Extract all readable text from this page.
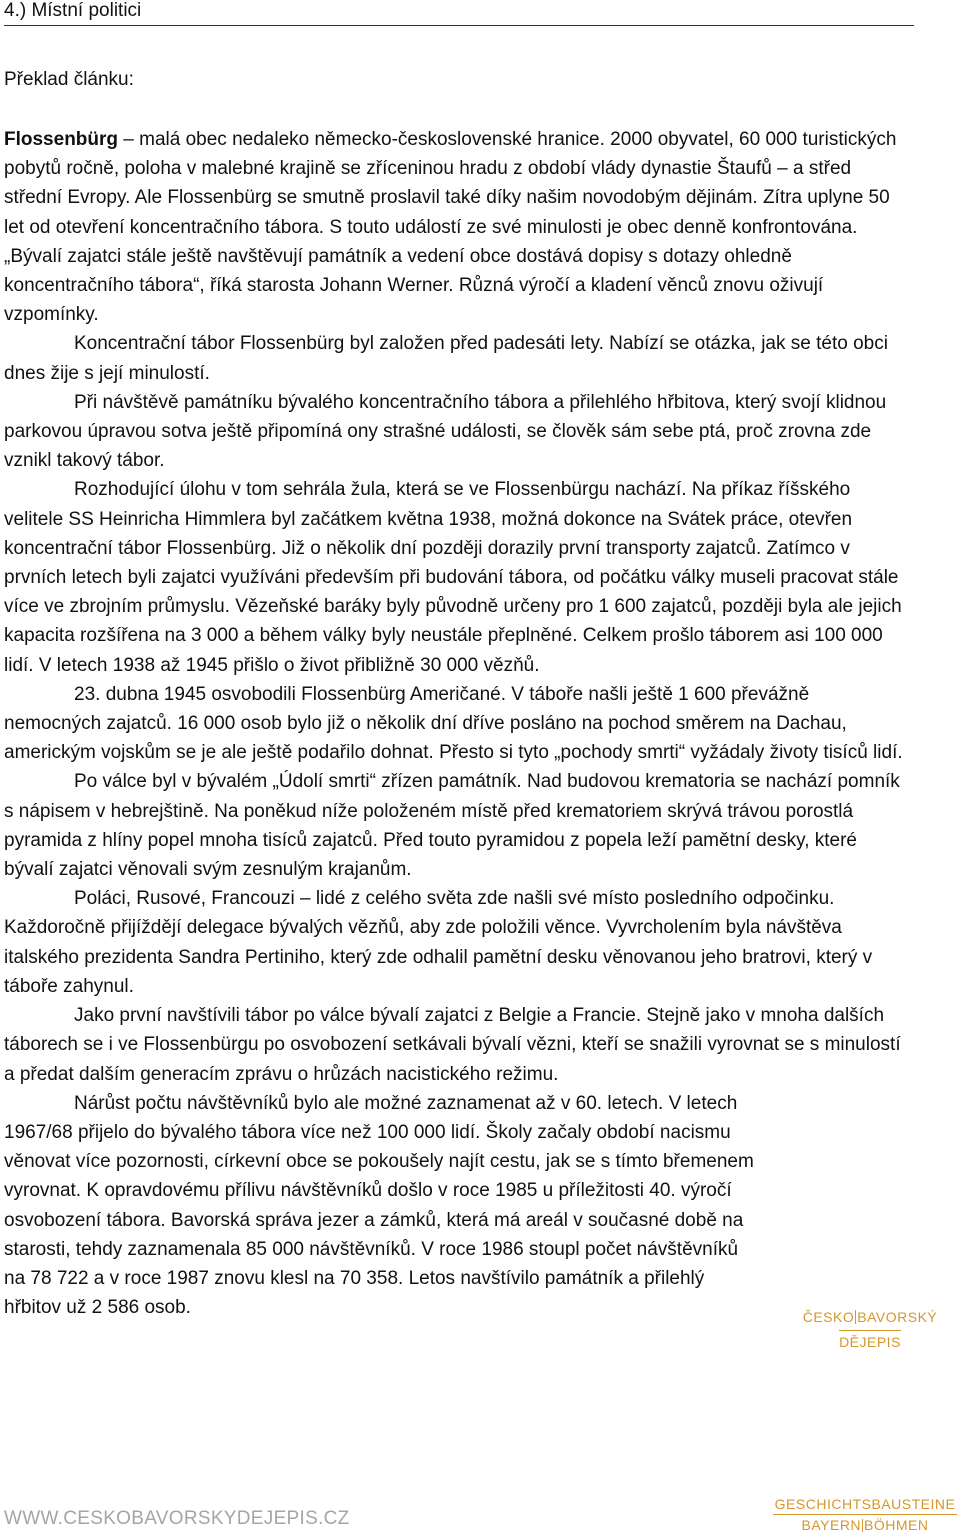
4.) Místní politici
Překlad článku:

Flossenbürg – malá obec nedaleko německo-československé hranice. 2000 obyvatel, 60 000 turistických pobytů ročně, poloha v malebné krajině se zříceninou hradu z období vlády dynastie Štaufů – a střed střední Evropy. Ale Flossenbürg se smutně proslavil také díky našim novodobým dějinám. Zítra uplyne 50 let od otevření koncentračního tábora. S touto událostí ze své minulosti je obec denně konfrontována. „Bývalí zajatci stále ještě navštěvují památník a vedení obce dostává dopisy s dotazy ohledně koncentračního tábora“, říká starosta Johann Werner. Různá výročí a kladení věnců znovu oživují vzpomínky.

Koncentrační tábor Flossenbürg byl založen před padesáti lety. Nabízí se otázka, jak se této obci dnes žije s její minulostí.

Při návštěvě památníku bývalého koncentračního tábora a přilehlého hřbitova, který svojí klidnou parkovou úpravou sotva ještě připomíná ony strašné události, se člověk sám sebe ptá, proč zrovna zde vznikl takový tábor.

Rozhodující úlohu v tom sehrála žula, která se ve Flossenbürgu nachází. Na příkaz říšského velitele SS Heinricha Himmlera byl začátkem května 1938, možná dokonce na Svátek práce, otevřen koncentrační tábor Flossenbürg. Již o několik dní později dorazily první transporty zajatců. Zatímco v prvních letech byli zajatci využíváni především při budování tábora, od počátku války museli pracovat stále více ve zbrojním průmyslu. Vězeňské baráky byly původně určeny pro 1 600 zajatců, později byla ale jejich kapacita rozšířena na 3 000 a během války byly neustále přeplněné. Celkem prošlo táborem asi 100 000 lidí. V letech 1938 až 1945 přišlo o život přibližně 30 000 vězňů.

23. dubna 1945 osvobodili Flossenbürg Američané. V táboře našli ještě 1 600 převážně nemocných zajatců. 16 000 osob bylo již o několik dní dříve posláno na pochod směrem na Dachau, americkým vojskům se je ale ještě podařilo dohnat. Přesto si tyto „pochody smrti“ vyžádaly životy tisíců lidí.

Po válce byl v bývalém „Údolí smrti“ zřízen památník. Nad budovou krematoria se nachází pomník s nápisem v hebrejštině. Na poněkud níže položeném místě před krematoriem skrývá trávou porostlá pyramida z hlíny popel mnoha tisíců zajatců. Před touto pyramidou z popela leží pamětní desky, které bývalí zajatci věnovali svým zesnulým krajanům.

Poláci, Rusové, Francouzi – lidé z celého světa zde našli své místo posledního odpočinku. Každoročně přijíždějí delegace bývalých vězňů, aby zde položili věnce. Vyvrcholením byla návštěva italského prezidenta Sandra Pertiniho, který zde odhalil pamětní desku věnovanou jeho bratrovi, který v táboře zahynul.

Jako první navštívili tábor po válce bývalí zajatci z Belgie a Francie. Stejně jako v mnoha dalších táborech se i ve Flossenbürgu po osvobození setkávali bývalí vězni, kteří se snažili vyrovnat se s minulostí a předat dalším generacím zprávu o hrůzách nacistického režimu.

Nárůst počtu návštěvníků bylo ale možné zaznamenat až v 60. letech. V letech 1967/68 přijelo do bývalého tábora více než 100 000 lidí. Školy začaly období nacismu věnovat více pozornosti, církevní obce se pokoušely najít cestu, jak se s tímto břemenem vyrovnat. K opravdovému přílivu návštěvníků došlo v roce 1985 u příležitosti 40. výročí osvobození tábora. Bavorská správa jezer a zámků, která má areál v současné době na starosti, tehdy zaznamenala 85 000 návštěvníků. V roce 1986 stoupl počet návštěvníků na 78 722 a v roce 1987 znovu klesl na 70 358. Letos navštívilo památník a přilehlý hřbitov už 2 586 osob.	ČESKO BAVORSKÝ
DĚJEPIS
WWW.CESKOBAVORSKYDEJEPIS.CZ
GESCHICHTSBAUSTEINE
BAYERN BÖHMEN
